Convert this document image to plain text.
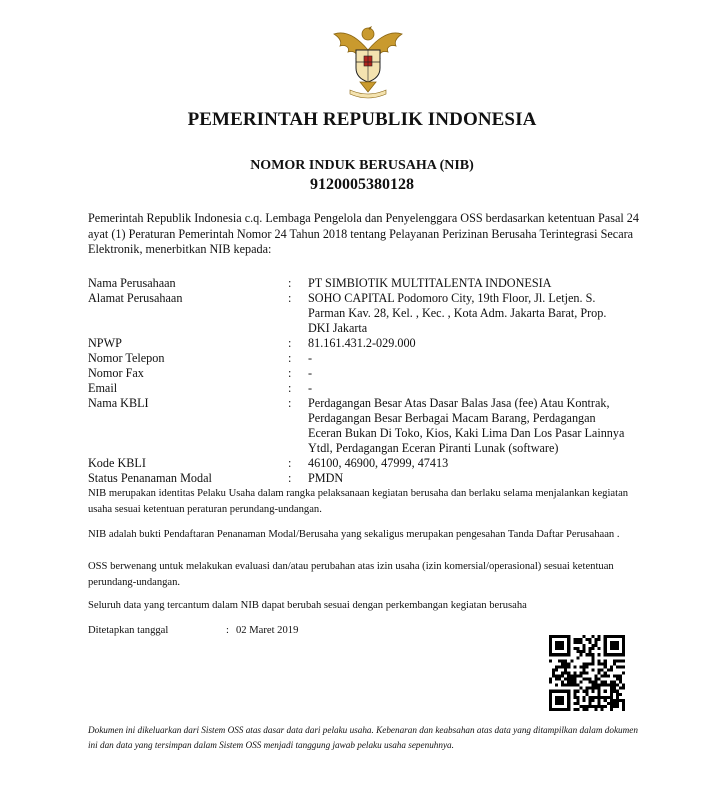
PEMERINTAH REPUBLIK INDONESIA
NOMOR INDUK BERUSAHA (NIB)
9120005380128
Pemerintah Republik Indonesia c.q. Lembaga Pengelola dan Penyelenggara OSS berdasarkan ketentuan Pasal 24 ayat (1) Peraturan Pemerintah Nomor 24 Tahun 2018 tentang Pelayanan Perizinan Berusaha Terintegrasi Secara Elektronik, menerbitkan NIB kepada:
Nama Perusahaan	:	PT SIMBIOTIK MULTITALENTA INDONESIA
Alamat Perusahaan	:	SOHO CAPITAL Podomoro City, 19th Floor, Jl. Letjen. S. Parman Kav. 28, Kel. , Kec. , Kota Adm. Jakarta Barat, Prop. DKI Jakarta
NPWP	:	81.161.431.2-029.000
Nomor Telepon	:	-
Nomor Fax	:	-
Email	:	-
Nama KBLI	:	Perdagangan Besar Atas Dasar Balas Jasa (fee) Atau Kontrak, Perdagangan Besar Berbagai Macam Barang, Perdagangan Eceran Bukan Di Toko, Kios, Kaki Lima Dan Los Pasar Lainnya Ytdl, Perdagangan Eceran Piranti Lunak (software)
Kode KBLI	:	46100, 46900, 47999, 47413
Status Penanaman Modal	:	PMDN
NIB merupakan identitas Pelaku Usaha dalam rangka pelaksanaan kegiatan berusaha dan berlaku selama menjalankan kegiatan usaha sesuai ketentuan peraturan perundang-undangan.
NIB adalah bukti Pendaftaran Penanaman Modal/Berusaha yang sekaligus merupakan pengesahan Tanda Daftar Perusahaan .
OSS berwenang untuk melakukan evaluasi dan/atau perubahan atas izin usaha (izin komersial/operasional) sesuai ketentuan perundang-undangan.
Seluruh data yang tercantum dalam NIB dapat berubah sesuai dengan perkembangan kegiatan berusaha
Ditetapkan tanggal	: 02 Maret 2019
Dokumen ini dikeluarkan dari Sistem OSS atas dasar data dari pelaku usaha. Kebenaran dan keabsahan atas data yang ditampilkan dalam dokumen ini dan data yang tersimpan dalam Sistem OSS menjadi tanggung jawab pelaku usaha sepenuhnya.
